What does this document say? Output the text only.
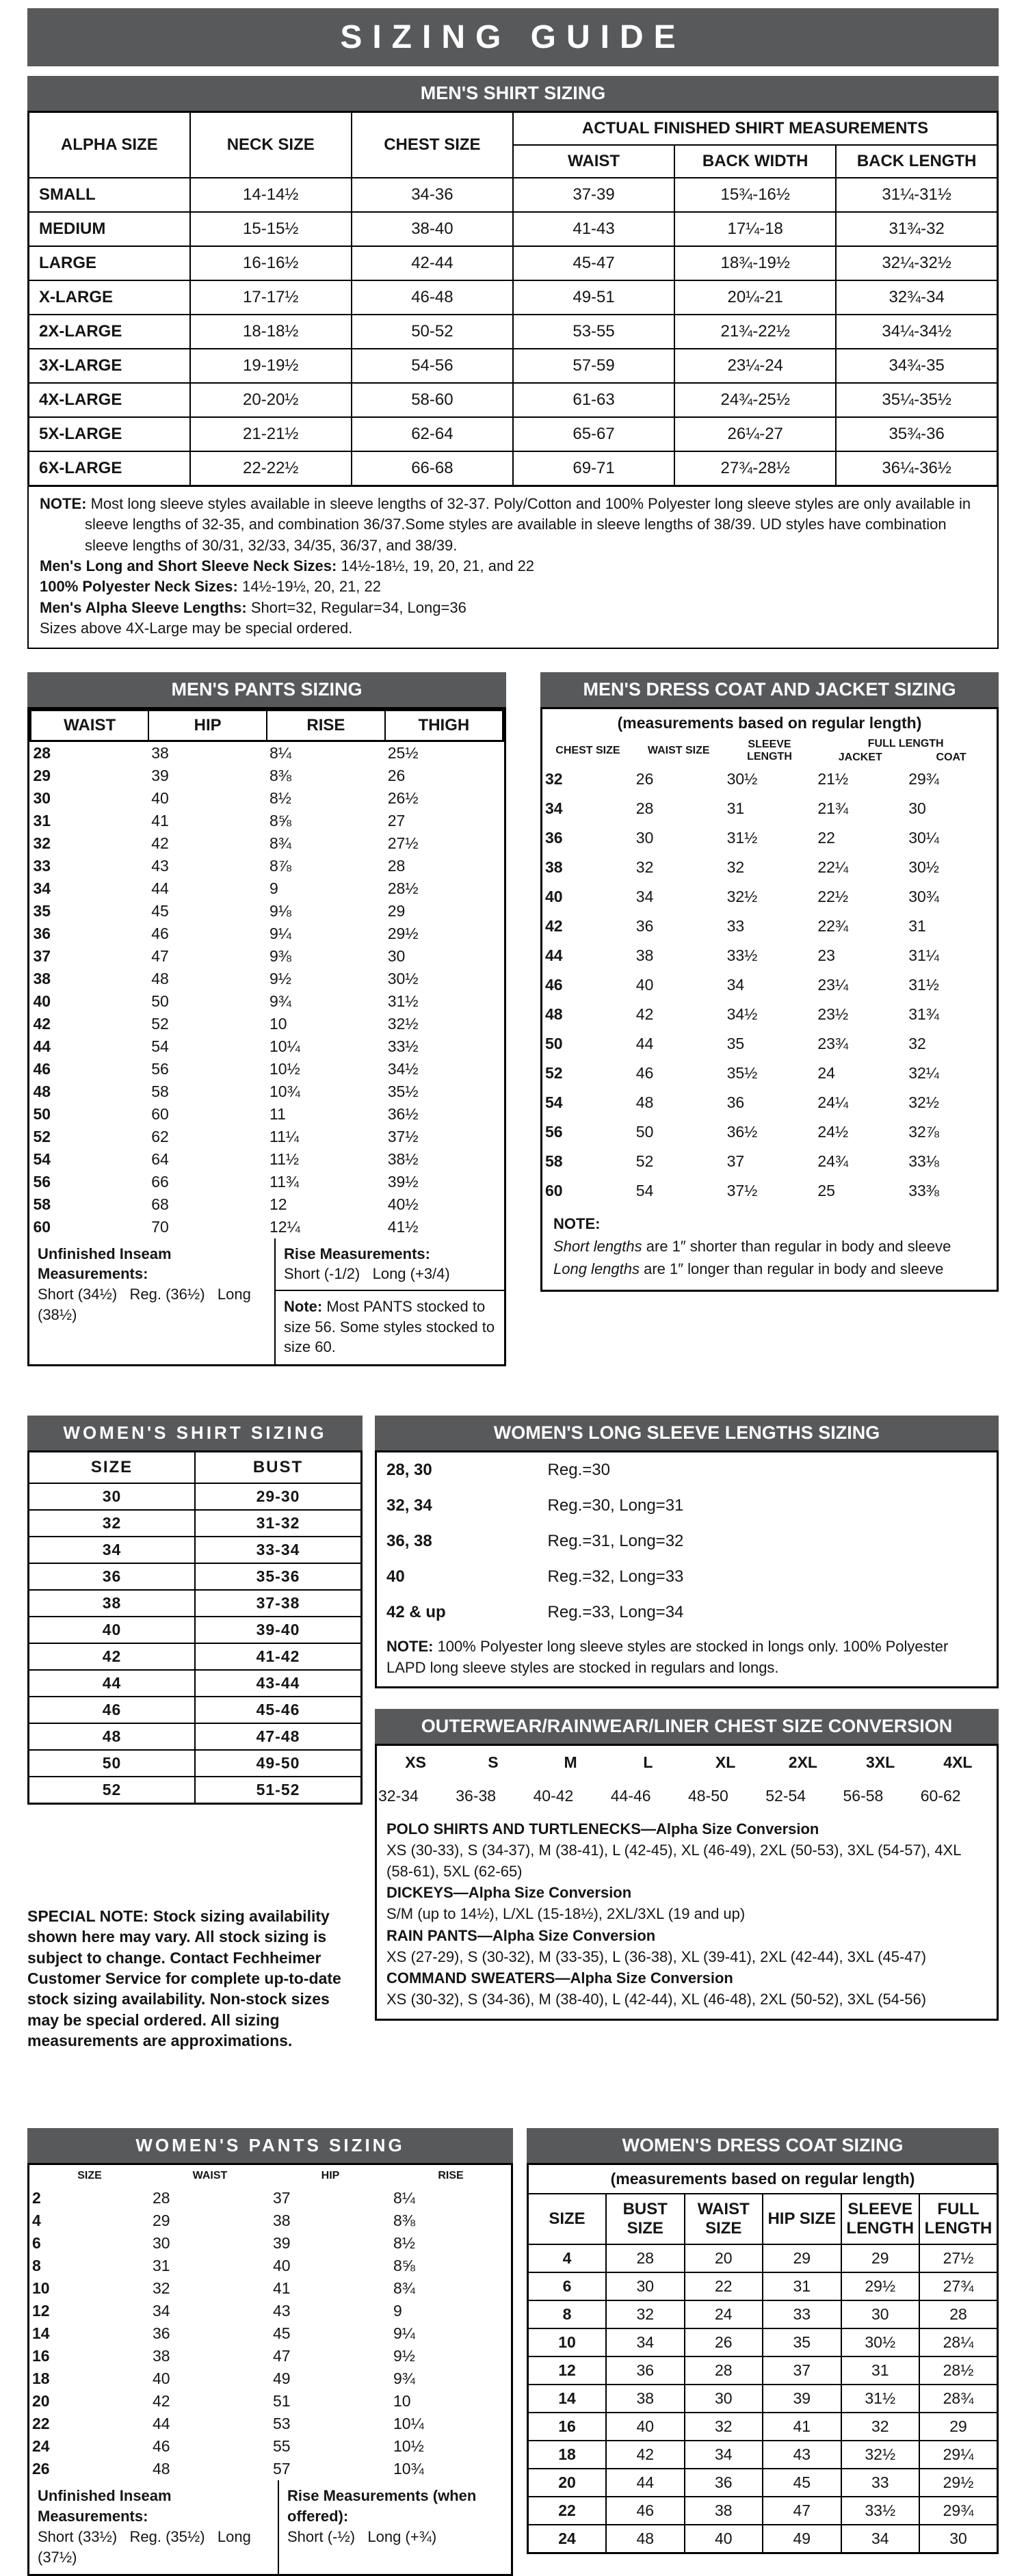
SIZING GUIDE
MEN'S SHIRT SIZING
ALPHA SIZE	NECK SIZE	CHEST SIZE	ACTUAL FINISHED SHIRT MEASUREMENTS		
			WAIST	BACK WIDTH	BACK LENGTH
SMALL	14-14½	34-36	37-39	15¾-16½	31¼-31½
MEDIUM	15-15½	38-40	41-43	17¼-18	31¾-32
LARGE	16-16½	42-44	45-47	18¾-19½	32¼-32½
X-LARGE	17-17½	46-48	49-51	20¼-21	32¾-34
2X-LARGE	18-18½	50-52	53-55	21¾-22½	34¼-34½
3X-LARGE	19-19½	54-56	57-59	23¼-24	34¾-35
4X-LARGE	20-20½	58-60	61-63	24¾-25½	35¼-35½
5X-LARGE	21-21½	62-64	65-67	26¼-27	35¾-36
6X-LARGE	22-22½	66-68	69-71	27¾-28½	36¼-36½

NOTE: Most long sleeve styles available in sleeve lengths of 32-37. Poly/Cotton and 100% Polyester long sleeve styles are only available in sleeve lengths of 32-35, and combination 36/37.Some styles are available in sleeve lengths of 38/39. UD styles have combination sleeve lengths of 30/31, 32/33, 34/35, 36/37, and 38/39.

Men's Long and Short Sleeve Neck Sizes: 14½-18½, 19, 20, 21, and 22

100% Polyester Neck Sizes: 14½-19½, 20, 21, 22

Men's Alpha Sleeve Lengths: Short=32, Regular=34, Long=36

Sizes above 4X-Large may be special ordered.

MEN'S PANTS SIZING
WAIST	HIP	RISE	THIGH
28	38	8¼	25½
29	39	8⅜	26
30	40	8½	26½
31	41	8⅝	27
32	42	8¾	27½
33	43	8⅞	28
34	44	9	28½
35	45	9⅛	29
36	46	9¼	29½
37	47	9⅜	30
38	48	9½	30½
40	50	9¾	31½
42	52	10	32½
44	54	10¼	33½
46	56	10½	34½
48	58	10¾	35½
50	60	11	36½
52	62	11¼	37½
54	64	11½	38½
56	66	11¾	39½
58	68	12	40½
60	70	12¼	41½
Unfinished Inseam Measurements:
Short (34½)   Reg. (36½)   Long (38½)
Rise Measurements:
Short (-1/2)   Long (+3/4)
Note: Most PANTS stocked to size 56. Some styles stocked to size 60.
MEN'S DRESS COAT AND JACKET SIZING
(measurements based on regular length)				
CHEST SIZE	WAIST SIZE	SLEEVE LENGTH	FULL LENGTH	
			JACKET	COAT
32	26	30½	21½	29¾
34	28	31	21¾	30
36	30	31½	22	30¼
38	32	32	22¼	30½
40	34	32½	22½	30¾
42	36	33	22¾	31
44	38	33½	23	31¼
46	40	34	23¼	31½
48	42	34½	23½	31¾
50	44	35	23¾	32
52	46	35½	24	32¼
54	48	36	24¼	32½
56	50	36½	24½	32⅞
58	52	37	24¾	33⅛
60	54	37½	25	33⅜
NOTE:
Short lengths are 1″ shorter than regular in body and sleeve
Long lengths are 1″ longer than regular in body and sleeve
WOMEN'S SHIRT SIZING
SIZE	BUST
30	29-30
32	31-32
34	33-34
36	35-36
38	37-38
40	39-40
42	41-42
44	43-44
46	45-46
48	47-48
50	49-50
52	51-52

SPECIAL NOTE: Stock sizing availability shown here may vary. All stock sizing is subject to change. Contact Fechheimer Customer Service for complete up-to-date stock sizing availability. Non-stock sizes may be special ordered. All sizing measurements are approximations.

WOMEN'S LONG SLEEVE LENGTHS SIZING
28, 30	Reg.=30
32, 34	Reg.=30, Long=31
36, 38	Reg.=31, Long=32
40	Reg.=32, Long=33
42 & up	Reg.=33, Long=34
NOTE: 100% Polyester long sleeve styles are stocked in longs only. 100% Polyester LAPD long sleeve styles are stocked in regulars and longs.
OUTERWEAR/RAINWEAR/LINER CHEST SIZE CONVERSION
XS	S	M	L	XL	2XL	3XL	4XL
32-34	36-38	40-42	44-46	48-50	52-54	56-58	60-62
POLO SHIRTS AND TURTLENECKS—Alpha Size Conversion
XS (30-33), S (34-37), M (38-41), L (42-45), XL (46-49), 2XL (50-53), 3XL (54-57), 4XL (58-61), 5XL (62-65)
DICKEYS—Alpha Size Conversion
S/M (up to 14½), L/XL (15-18½), 2XL/3XL (19 and up)
RAIN PANTS—Alpha Size Conversion
XS (27-29), S (30-32), M (33-35), L (36-38), XL (39-41), 2XL (42-44), 3XL (45-47)
COMMAND SWEATERS—Alpha Size Conversion
XS (30-32), S (34-36), M (38-40), L (42-44), XL (46-48), 2XL (50-52), 3XL (54-56)
WOMEN'S PANTS SIZING
SIZE	WAIST	HIP	RISE
2	28	37	8¼
4	29	38	8⅜
6	30	39	8½
8	31	40	8⅝
10	32	41	8¾
12	34	43	9
14	36	45	9¼
16	38	47	9½
18	40	49	9¾
20	42	51	10
22	44	53	10¼
24	46	55	10½
26	48	57	10¾
Unfinished Inseam Measurements:
Short (33½)   Reg. (35½)   Long (37½)
Rise Measurements (when offered):
Short (-½)   Long (+¾)
WOMEN'S DRESS COAT SIZING
(measurements based on regular length)					
SIZE	BUST SIZE	WAIST SIZE	HIP SIZE	SLEEVE LENGTH	FULL LENGTH
4	28	20	29	29	27½
6	30	22	31	29½	27¾
8	32	24	33	30	28
10	34	26	35	30½	28¼
12	36	28	37	31	28½
14	38	30	39	31½	28¾
16	40	32	41	32	29
18	42	34	43	32½	29¼
20	44	36	45	33	29½
22	46	38	47	33½	29¾
24	48	40	49	34	30
